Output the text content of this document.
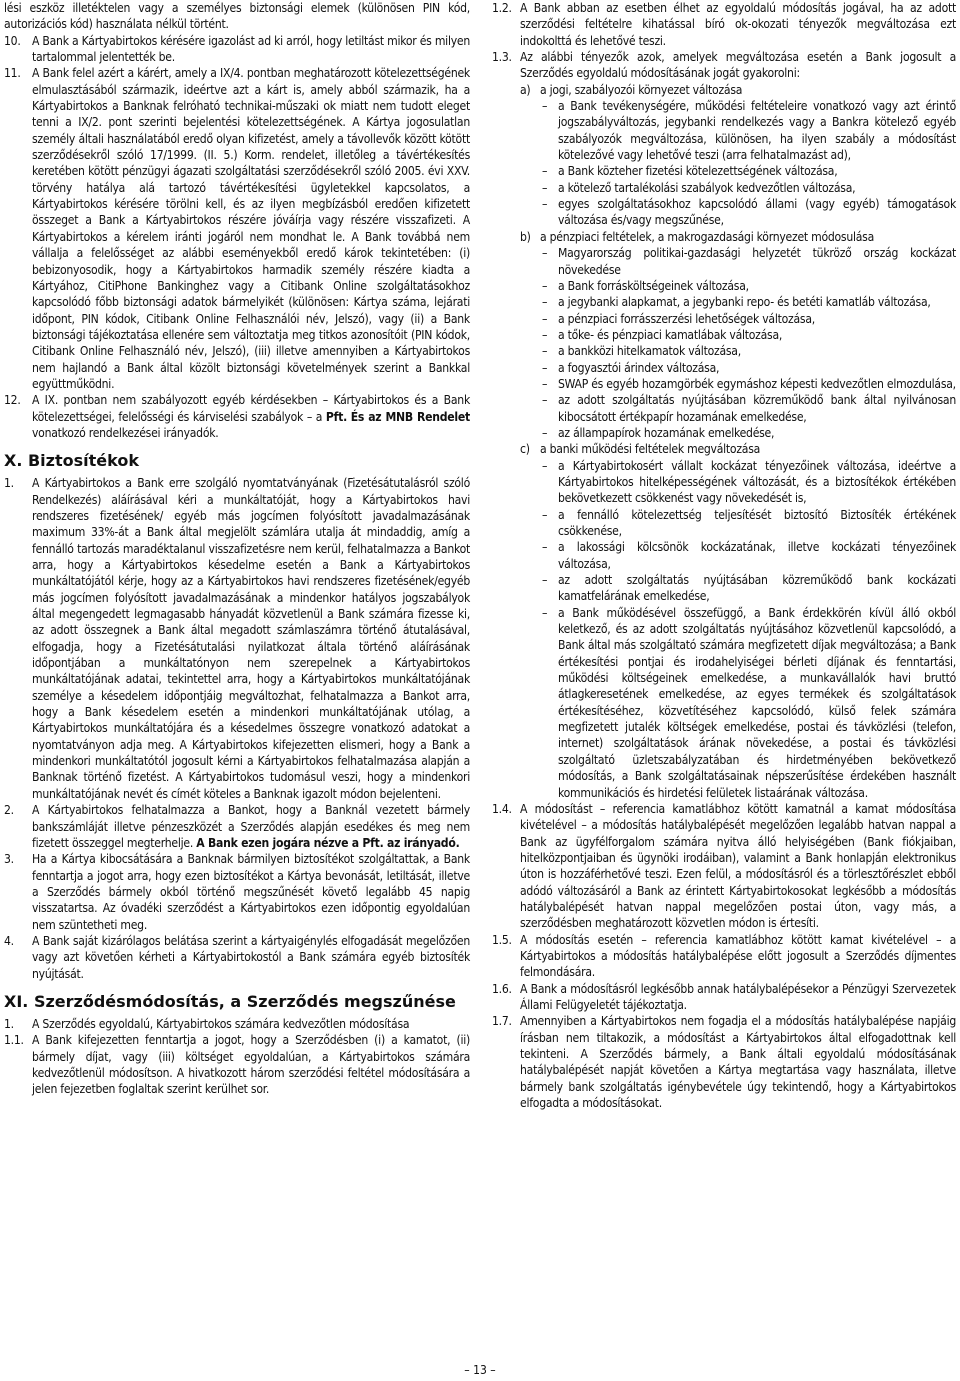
lési eszköz illetéktelen vagy a személyes biztonsági elemek (különösen PIN kód, autorizációs kód) használata nélkül történt.

10. A Bank a Kártyabirtokos kérésére igazolást ad ki arról, hogy letiltást mikor és milyen tartalommal jelentették be.
11. A Bank felel azért a kárért, amely a IX/4. pontban meghatározott kötelezettségének elmulasztásából származik, ideértve azt a kárt is, amely abból származik, ha a Kártyabirtokos a Banknak felróható technikai-műszaki ok miatt nem tudott eleget tenni a IX/2. pont szerinti bejelentési kötelezettségének. A Kártya jogosulatlan személy általi használatából eredő olyan kifizetést, amely a távollevők között kötött szerződésekről szóló 17/1999. (II. 5.) Korm. rendelet, illetőleg a távértékesítés keretében kötött pénzügyi ágazati szolgáltatási szerződésekről szóló 2005. évi XXV. törvény hatálya alá tartozó távértékesítési ügyletekkel kapcsolatos, a Kártyabirtokos kérésére törölni kell, és az ilyen megbízásból eredően kifizetett összeget a Bank a Kártyabirtokos részére jóváírja vagy részére visszafizeti. A Kártyabirtokos a kérelem iránti jogáról nem mondhat le. A Bank továbbá nem vállalja a felelősséget az alábbi eseményekből eredő károk tekintetében: (i) bebizonyosodik, hogy a Kártyabirtokos harmadik személy részére kiadta a Kártyához, CitiPhone Bankinghez vagy a Citibank Online szolgáltatásokhoz kapcsolódó főbb biztonsági adatok bármelyikét (különösen: Kártya száma, lejárati időpont, PIN kódok, Citibank Online Felhasználói név, Jelszó), vagy (ii) a Bank biztonsági tájékoztatása ellenére sem változtatja meg titkos azonosítóit (PIN kódok, Citibank Online Felhasználó név, Jelszó), (iii) illetve amennyiben a Kártyabirtokos nem hajlandó a Bank által közölt biztonsági követelmények szerint a Bankkal együttműködni.
12. A IX. pontban nem szabályozott egyéb kérdésekben – Kártyabirtokos és a Bank kötelezettségei, felelősségi és kárviselési szabályok – a Pft. És az MNB Rendelet vonatkozó rendelkezései irányadók.
X. Biztosítékok
1. A Kártyabirtokos a Bank erre szolgáló nyomtatványának (Fizetésátutalásról szóló Rendelkezés) aláírásával kéri a munkáltatóját, hogy a Kártyabirtokos havi rendszeres fizetésének/ egyéb más jogcímen folyósított javadalmazásának maximum 33%-át a Bank által megjelölt számlára utalja át mindaddig, amíg a fennálló tartozás maradéktalanul visszafizetésre nem kerül, felhatalmazza a Bankot arra, hogy a Kártyabirtokos késedelme esetén a Bank a Kártyabirtokos munkáltatójától kérje, hogy az a Kártyabirtokos havi rendszeres fizetésének/egyéb más jogcímen folyósított javadalmazásának a mindenkor hatályos jogszabályok által megengedett legmagasabb hányadát közvetlenül a Bank számára fizesse ki, az adott összegnek a Bank által megadott számlaszámra történő átutalásával, elfogadja, hogy a Fizetésátutalási nyilatkozat általa történő aláírásának időpontjában a munkáltatónyon nem szerepelnek a Kártyabirtokos munkáltatójának adatai, tekintettel arra, hogy a Kártyabirtokos munkáltatójának személye a késedelem időpontjáig megváltozhat, felhatalmazza a Bankot arra, hogy a Bank késedelem esetén a mindenkori munkáltatójának utólag, a Kártyabirtokos munkáltatójára és a késedelmes összegre vonatkozó adatokat a nyomtatványon adja meg. A Kártyabirtokos kifejezetten elismeri, hogy a Bank a mindenkori munkáltatótól jogosult kérni a Kártyabirtokos felhatalmazása alapján a Banknak történő fizetést. A Kártyabirtokos tudomásul veszi, hogy a mindenkori munkáltatójának nevét és címét köteles a Banknak igazolt módon bejelenteni.
2. A Kártyabirtokos felhatalmazza a Bankot, hogy a Banknál vezetett bármely bankszámláját illetve pénzeszközét a Szerződés alapján esedékes és meg nem fizetett összeggel megterhelje. A Bank ezen jogára nézve a Pft. az irányadó.
3. Ha a Kártya kibocsátására a Banknak bármilyen biztosítékot szolgáltattak, a Bank fenntartja a jogot arra, hogy ezen biztosítékot a Kártya bevonását, letiltását, illetve a Szerződés bármely okból történő megszűnését követő legalább 45 napig visszatartsa. Az óvadéki szerződést a Kártyabirtokos ezen időpontig egyoldalúan nem szüntetheti meg.
4. A Bank saját kizárólagos belátása szerint a kártyaigénylés elfogadását megelőzően vagy azt követően kérheti a Kártyabirtokostól a Bank számára egyéb biztosíték nyújtását.
XI. Szerződésmódosítás, a Szerződés megszűnése
1. A Szerződés egyoldalú, Kártyabirtokos számára kedvezőtlen módosítása
1.1. A Bank kifejezetten fenntartja a jogot, hogy a Szerződésben (i) a kamatot, (ii) bármely díjat, vagy (iii) költséget egyoldalúan, a Kártyabirtokos számára kedvezőtlenül módosítson. A hivatkozott három szerződési feltétel módosítására a jelen fejezetben foglaltak szerint kerülhet sor.
1.2. A Bank abban az esetben élhet az egyoldalú módosítás jogával, ha az adott szerződési feltételre kihatással bíró ok-okozati tényezők megváltozása ezt indokolttá és lehetővé teszi.
1.3. Az alábbi tényezők azok, amelyek megváltozása esetén a Bank jogosult a Szerződés egyoldalú módosításának jogát gyakorolni:
a) a jogi, szabályozói környezet változása
– a Bank tevékenységére, működési feltételeire vonatkozó vagy azt érintő jogszabályváltozás, jegybanki rendelkezés vagy a Bankra kötelező egyéb szabályozók megváltozása, különösen, ha ilyen szabály a módosítást kötelezővé vagy lehetővé teszi (arra felhatalmazást ad),
– a Bank közteher fizetési kötelezettségének változása,
– a kötelező tartalékolási szabályok kedvezőtlen változása,
– egyes szolgáltatásokhoz kapcsolódó állami (vagy egyéb) támogatások változása és/vagy megszűnése,
b) a pénzpiaci feltételek, a makrogazdasági környezet módosulása
– Magyarország politikai-gazdasági helyzetét tükröző ország kockázat növekedése
– a Bank forrásköltségeinek változása,
– a jegybanki alapkamat, a jegybanki repo- és betéti kamatláb változása,
– a pénzpiaci forrásszerzési lehetőségek változása,
– a tőke- és pénzpiaci kamatlábak változása,
– a bankközi hitelkamatok változása,
– a fogyasztói árindex változása,
– SWAP és egyéb hozamgörbék egymáshoz képesti kedvezőtlen elmozdulása,
– az adott szolgáltatás nyújtásában közreműködő bank által nyilvánosan kibocsátott értékpapír hozamának emelkedése,
– az állampapírok hozamának emelkedése,
c) a banki működési feltételek megváltozása
– a Kártyabirtokosért vállalt kockázat tényezőinek változása, ideértve a Kártyabirtokos hitelképességének változását, és a biztosítékok értékében bekövetkezett csökkenést vagy növekedését is,
– a fennálló kötelezettség teljesítését biztosító Biztosíték értékének csökkenése,
– a lakossági kölcsönök kockázatának, illetve kockázati tényezőinek változása,
– az adott szolgáltatás nyújtásában közreműködő bank kockázati kamatfelárának emelkedése,
– a Bank működésével összefüggő, a Bank érdekkörén kívül álló okból keletkező, és az adott szolgáltatás nyújtásához közvetlenül kapcsolódó, a Bank által más szolgáltató számára megfizetett díjak megváltozása; a Bank értékesítési pontjai és irodahelyiségei bérleti díjának és fenntartási, működési költségeinek emelkedése, a munkavállalók havi bruttó átlagkeresetének emelkedése, az egyes termékek és szolgáltatások értékesítéséhez, közvetítéséhez kapcsolódó, külső felek számára megfizetett jutalék költségek emelkedése, postai és távközlési (telefon, internet) szolgáltatások árának növekedése, a postai és távközlési szolgáltató üzletszabályzatában és hirdetményében bekövetkező módosítás, a Bank szolgáltatásainak népszerűsítése érdekében használt kommunikációs és hirdetési felületek listaárának változása.
1.4. A módosítást – referencia kamatlábhoz kötött kamatnál a kamat módosítása kivételével – a módosítás hatálybalépését megelőzően legalább hatvan nappal a Bank az ügyfélforgalom számára nyitva álló helyiségében (Bank fiókjaiban, hitelközpontjaiban és ügynöki irodáiban), valamint a Bank honlapján elektronikus úton is hozzáférhetővé teszi. Ezen felül, a módosításról és a törlesztőrészlet ebből adódó változásáról a Bank az érintett Kártyabirtokosokat legkésőbb a módosítás hatálybalépését hatvan nappal megelőzően postai úton, vagy más, a szerződésben meghatározott közvetlen módon is értesíti.
1.5. A módosítás esetén – referencia kamatlábhoz kötött kamat kivételével – a Kártyabirtokos a módosítás hatálybalépése előtt jogosult a Szerződés díjmentes felmondására.
1.6. A Bank a módosításról legkésőbb annak hatálybalépésekor a Pénzügyi Szervezetek Állami Felügyeletét tájékoztatja.
1.7. Amennyiben a Kártyabirtokos nem fogadja el a módosítás hatálybalépése napjáig írásban nem tiltakozik, a módosítást a Kártyabirtokos által elfogadottnak kell tekinteni. A Szerződés bármely, a Bank általi egyoldalú módosításának hatálybalépését napját követően a Kártya megtartása vagy használata, illetve bármely bank szolgáltatás igénybevétele úgy tekintendő, hogy a Kártyabirtokos elfogadta a módosításokat.
– 13 –
